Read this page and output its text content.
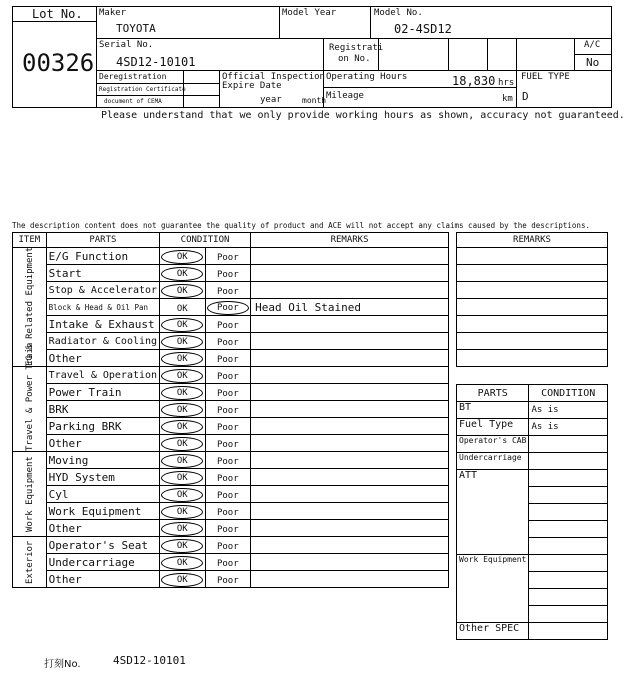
Lot No.
00326
Maker
TOYOTA
Model Year	Model No.
02-4SD12
Serial No.
4SD12-10101
Registrati
on No.
A/C
No
Deregistration
Registration Certificate
document of CEMA
Official Inspection
Expire Date
year	month
Operating Hours	18,830 hrs
Mileage	km
FUEL TYPE
D
Please understand that we only provide working hours as shown, accuracy not guaranteed.
The description content does not guarantee the quality of product and ACE will not accept any claims caused by the descriptions.
ITEM	PARTS	CONDITION		REMARKS
EG & Related Equipment	E/G Function	OK	Poor	
	Start	OK	Poor	
	Stop & Accelerator	OK	Poor	
	Block & Head & Oil Pan	OK	Poor	Head Oil Stained
	Intake & Exhaust	OK	Poor	
	Radiator & Cooling	OK	Poor	
	Other	OK	Poor	
Travel & Power Train	Travel & Operation	OK	Poor	
	Power Train	OK	Poor	
	BRK	OK	Poor	
	Parking BRK	OK	Poor	
	Other	OK	Poor	
Work Equipment	Moving	OK	Poor	
	HYD System	OK	Poor	
	Cyl	OK	Poor	
	Work Equipment	OK	Poor	
	Other	OK	Poor	
Exterior	Operator's Seat	OK	Poor	
	Undercarriage	OK	Poor	
	Other	OK	Poor	
REMARKS

PARTS	CONDITION
BT	As is
Fuel Type	As is
Operator's CAB	
Undercarriage	
ATT	

Work Equipment	

Other SPEC	
打刻No.	4SD12-10101
